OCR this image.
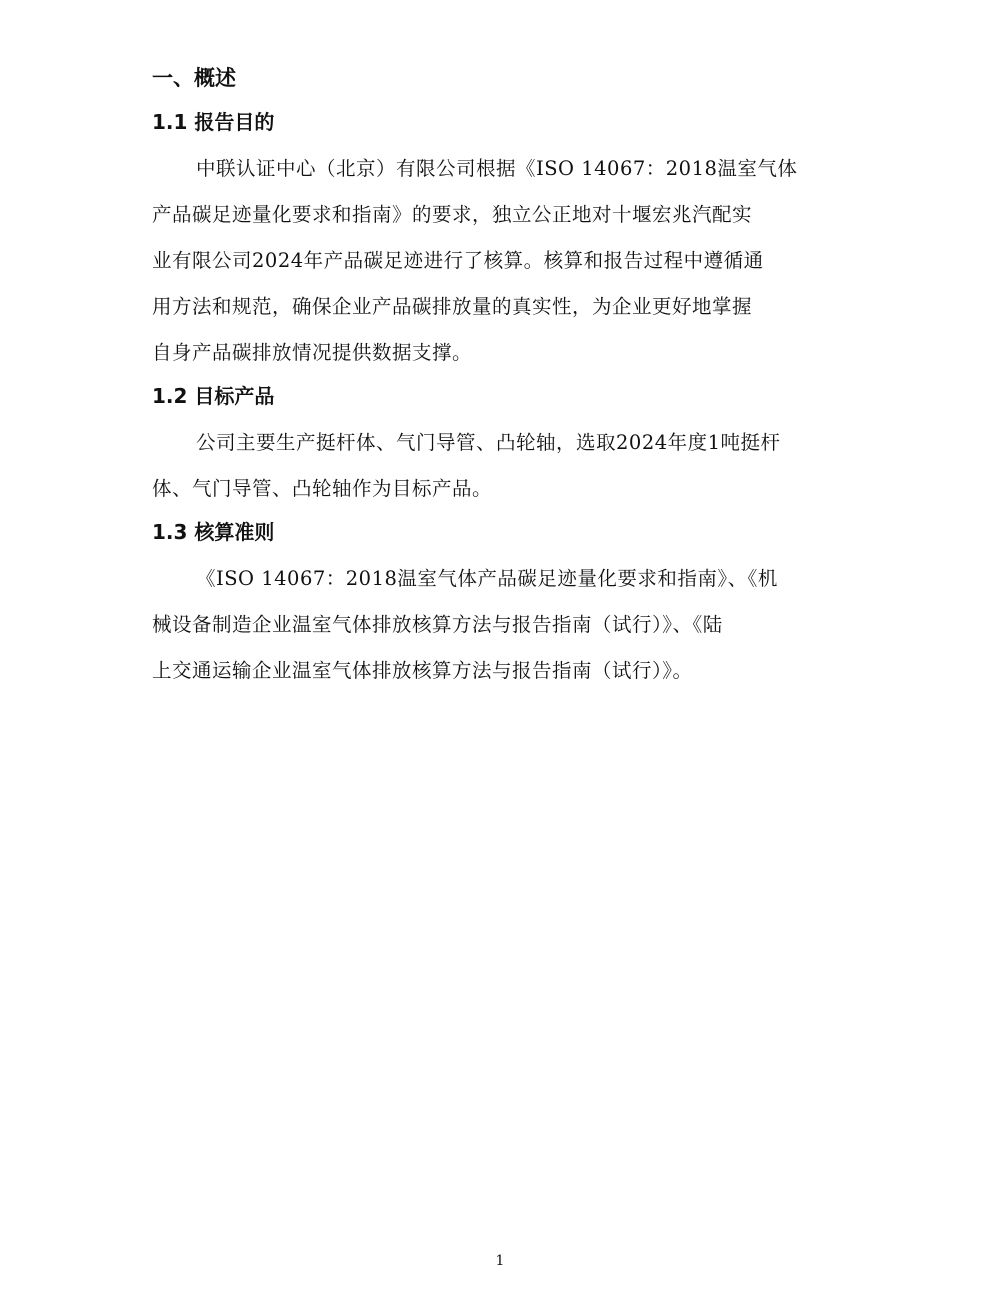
一、概述
1.1 报告目的
中联认证中心（北京）有限公司根据《ISO 14067：2018温室气体
产品碳足迹量化要求和指南》的要求，独立公正地对十堰宏兆汽配实
业有限公司2024年产品碳足迹进行了核算。核算和报告过程中遵循通
用方法和规范，确保企业产品碳排放量的真实性，为企业更好地掌握
自身产品碳排放情况提供数据支撑。
1.2 目标产品
公司主要生产挺杆体、气门导管、凸轮轴，选取2024年度1吨挺杆
体、气门导管、凸轮轴作为目标产品。
1.3 核算准则
《ISO 14067：2018温室气体产品碳足迹量化要求和指南》、《机
械设备制造企业温室气体排放核算方法与报告指南（试行）》、《陆
上交通运输企业温室气体排放核算方法与报告指南（试行）》。
1
